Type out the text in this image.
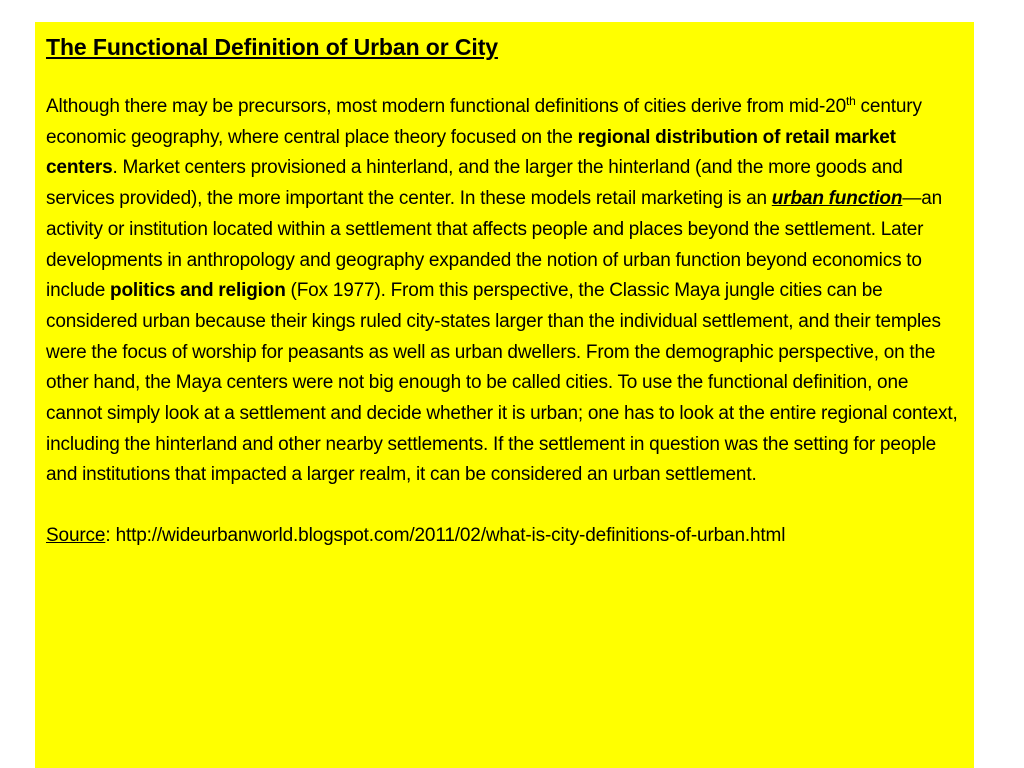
The Functional Definition of Urban or City

Although there may be precursors, most modern functional definitions of cities derive from mid-20th century economic geography, where central place theory focused on the regional distribution of retail market centers. Market centers provisioned a hinterland, and the larger the hinterland (and the more goods and services provided), the more important the center. In these models retail marketing is an urban function—an activity or institution located within a settlement that affects people and places beyond the settlement. Later developments in anthropology and geography expanded the notion of urban function beyond economics to include politics and religion (Fox 1977). From this perspective, the Classic Maya jungle cities can be considered urban because their kings ruled city-states larger than the individual settlement, and their temples were the focus of worship for peasants as well as urban dwellers. From the demographic perspective, on the other hand, the Maya centers were not big enough to be called cities. To use the functional definition, one cannot simply look at a settlement and decide whether it is urban; one has to look at the entire regional context, including the hinterland and other nearby settlements. If the settlement in question was the setting for people and institutions that impacted a larger realm, it can be considered an urban settlement.

Source: http://wideurbanworld.blogspot.com/2011/02/what-is-city-definitions-of-urban.html
